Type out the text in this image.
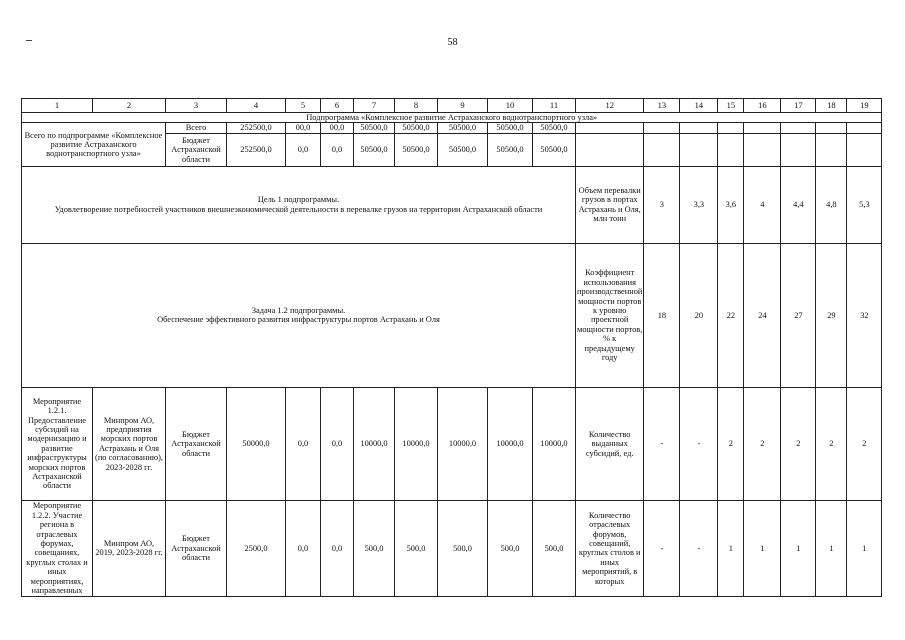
58
1	2	3	4	5	6	7	8	9	10	11	12	13	14	15	16	17	18	19
Подпрограмма «Комплексное развитие Астраханского воднотранспортного узла»																		
Всего по подпрограмме «Комплексное развитие Астраханского воднотранспортного узла»		Всего	252500,0	00,0	00,0	50500,0	50500,0	50500,0	50500,0	50500,0								
		Бюджет Астраханской области	252500,0	0,0	0,0	50500,0	50500,0	50500,0	50500,0	50500,0								

Цель 1 подпрограммы.
Удовлетворение потребностей участников внешнеэкономической деятельности в перевалке грузов на территории Астраханской области											Объем перевалки грузов в портах Астрахань и Оля, млн тонн	3	3,3	3,6	4	4,4	4,8	5,3

Задача 1.2 подпрограммы.
Обеспечение эффективного развития инфраструктуры портов Астрахань и Оля											Коэффициент использования производственной мощности портов к уровню проектной мощности портов, % к предыдущему году	18	20	22	24	27	29	32
Мероприятие 1.2.1. Предоставление субсидий на модернизацию и развитие инфраструктуры морских портов Астраханской области	Минпром АО, предприятия морских портов Астрахань и Оля (по согласованию), 2023-2028 гг.	Бюджет Астраханской области	50000,0	0,0	0,0	10000,0	10000,0	10000,0	10000,0	10000,0	Количество выданных субсидий, ед.	-	-	2	2	2	2	2
Мероприятие 1.2.2. Участие региона в отраслевых форумах, совещаниях, круглых столах и иных мероприятиях, направленных	Минпром АО, 2019, 2023-2028 гг.	Бюджет Астраханской области	2500,0	0,0	0,0	500,0	500,0	500,0	500,0	500,0	Количество отраслевых форумов, совещаний, круглых столов и иных мероприятий, в которых	-	-	1	1	1	1	1
